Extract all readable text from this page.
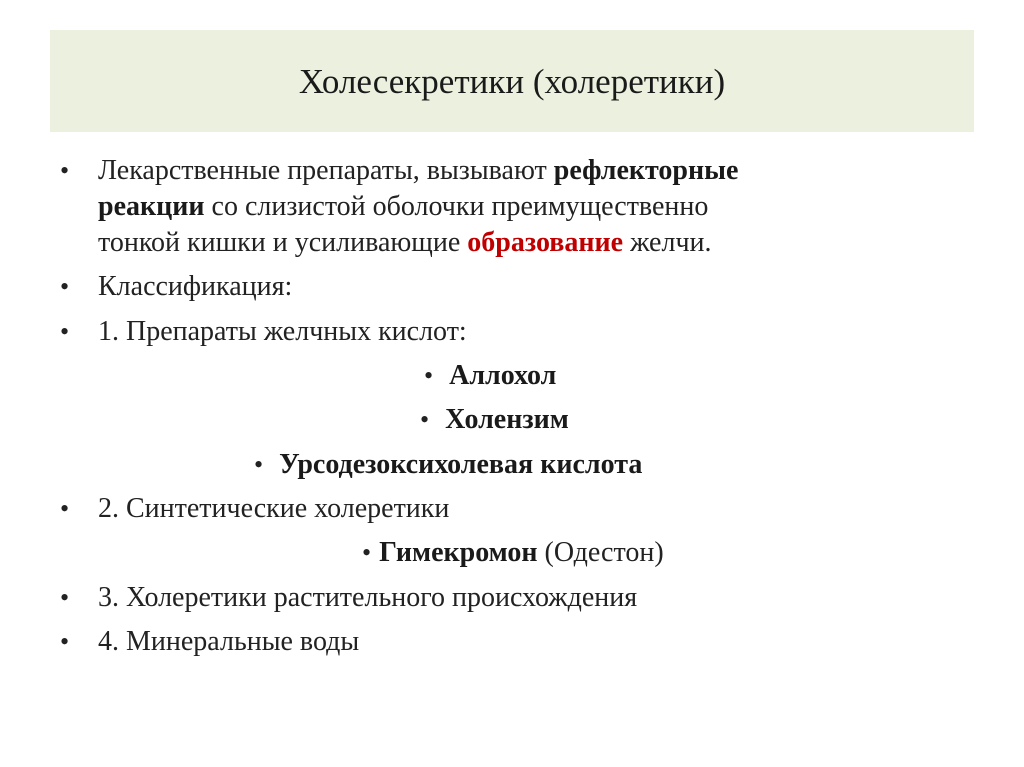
Холесекретики (холеретики)
• Лекарственные препараты, вызывают рефлекторные
реакции со слизистой оболочки преимущественно
тонкой кишки и усиливающие образование желчи.
• Классификация:
• 1. Препараты желчных кислот:
• Аллохол
• Холензим
• Урсодезоксихолевая кислота
• 2. Синтетические холеретики
• Гимекромон (Одестон)
• 3. Холеретики растительного происхождения
• 4. Минеральные воды
